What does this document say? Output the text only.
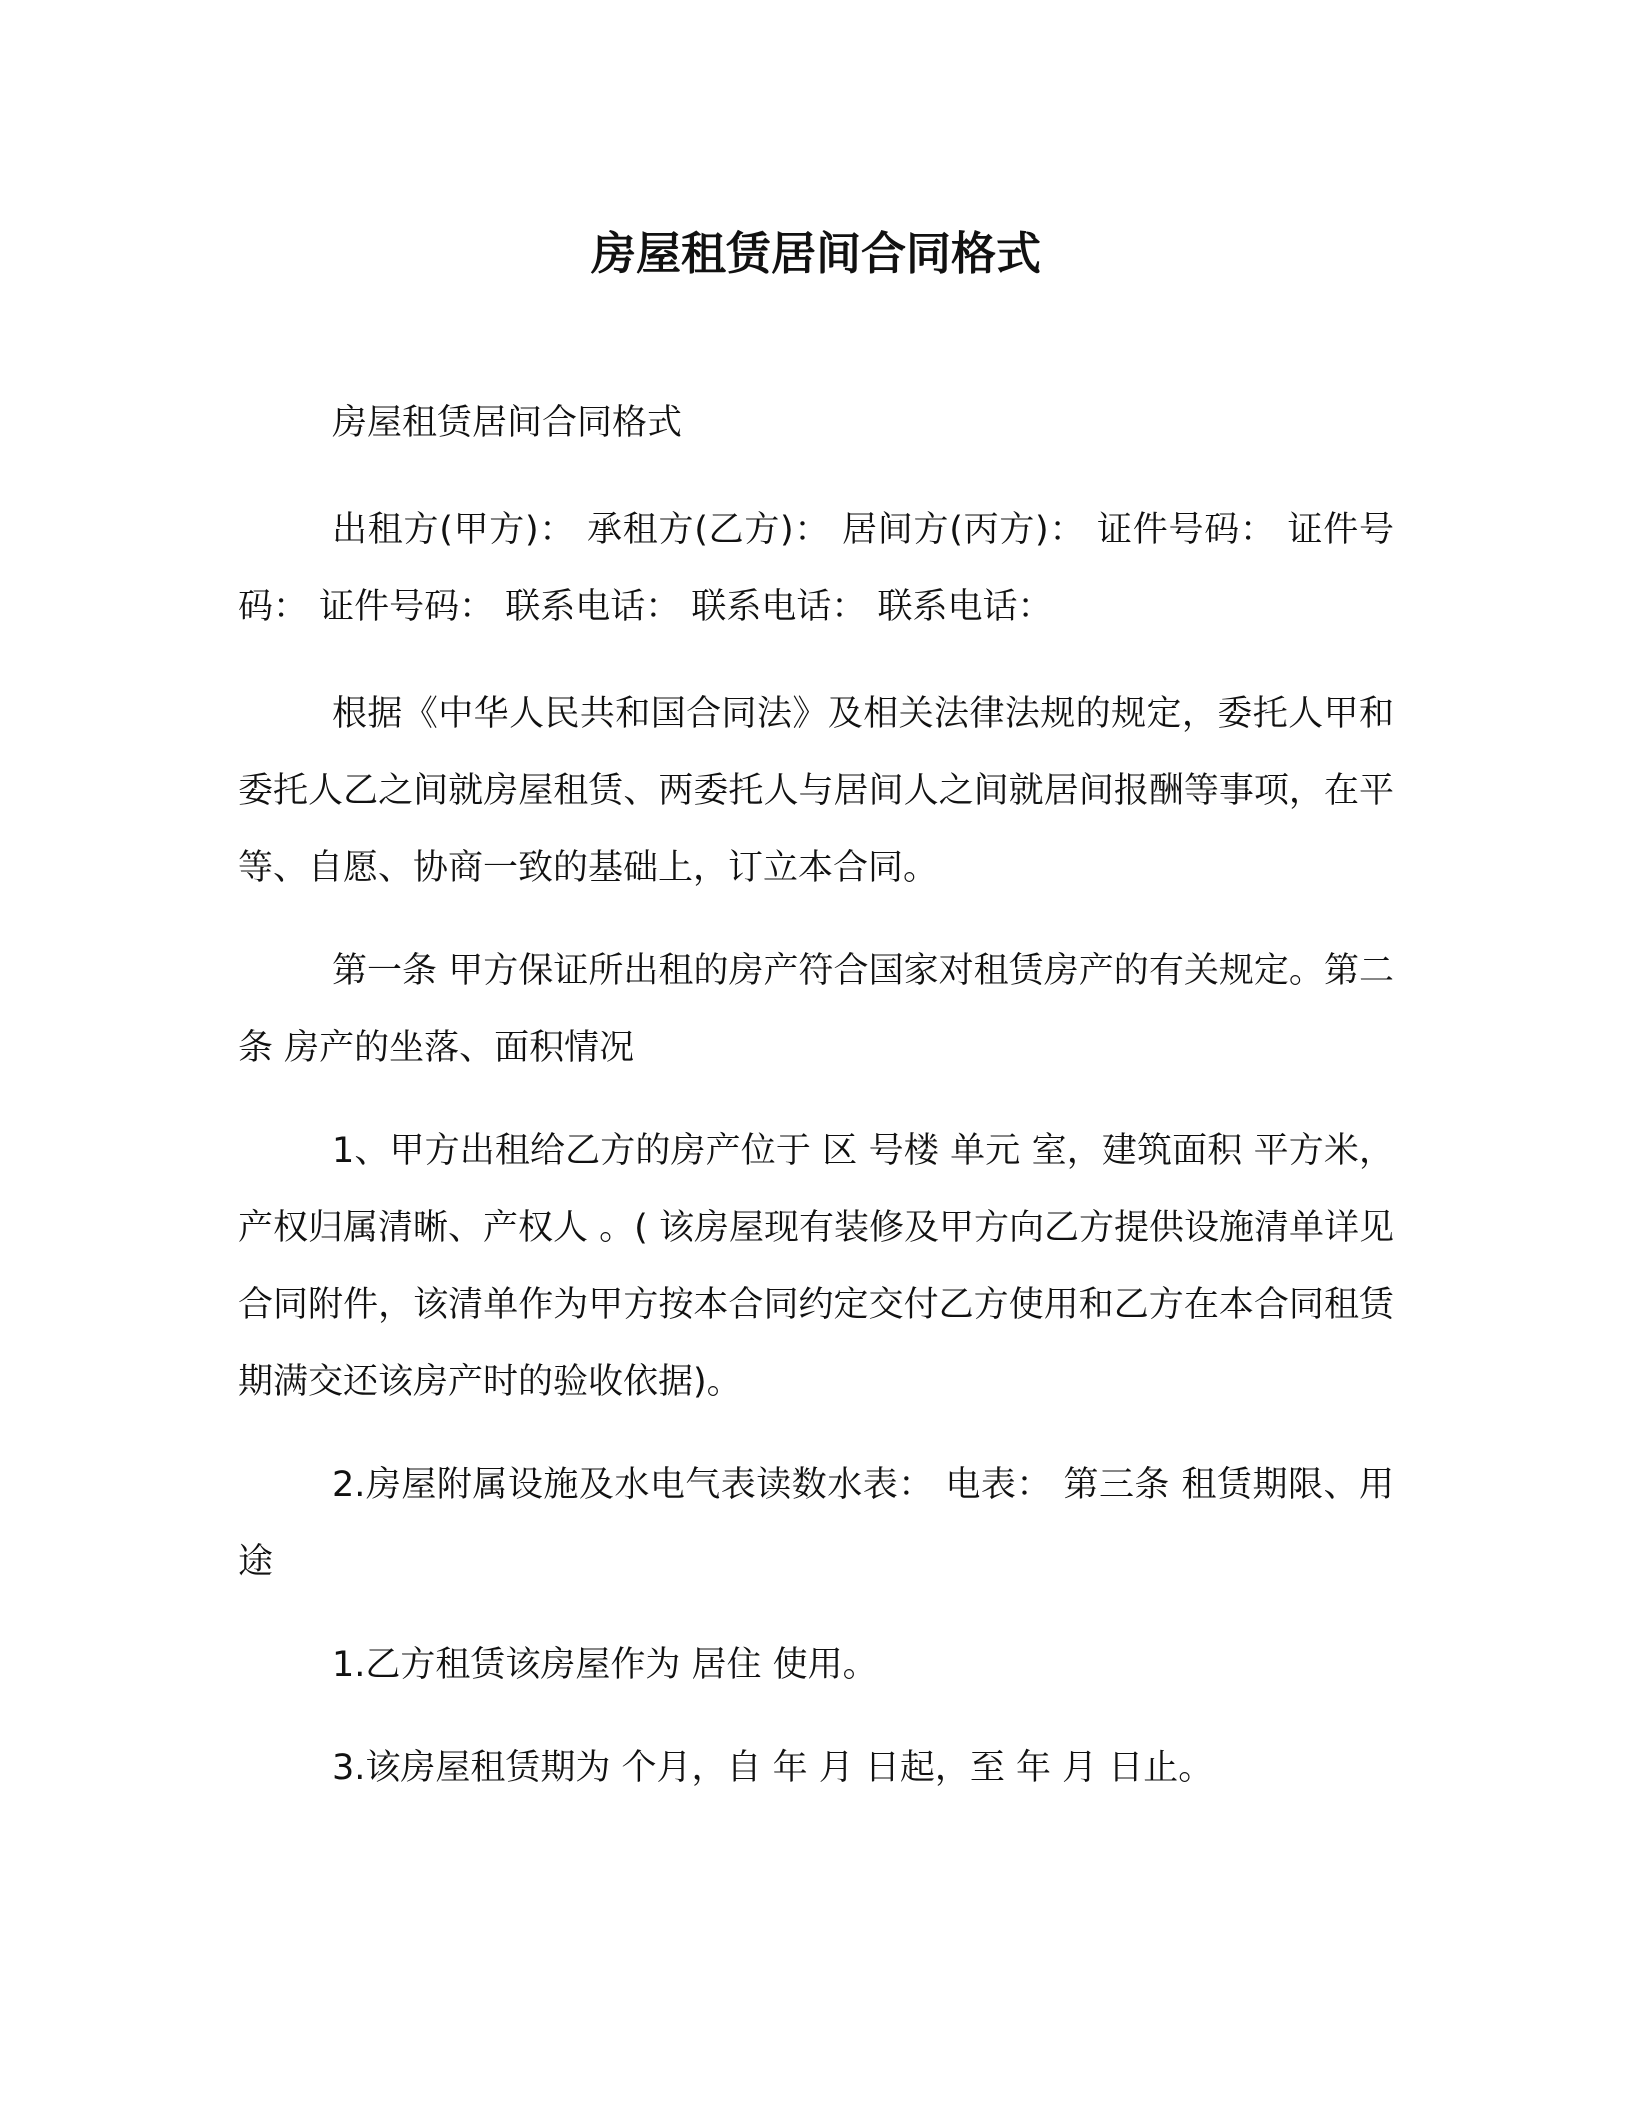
房屋租赁居间合同格式

房屋租赁居间合同格式

出租方(甲方)： 承租方(乙方)： 居间方(丙方)： 证件号码： 证件号码： 证件号码： 联系电话： 联系电话： 联系电话：

根据《中华人民共和国合同法》及相关法律法规的规定，委托人甲和委托人乙之间就房屋租赁、两委托人与居间人之间就居间报酬等事项，在平等、自愿、协商一致的基础上，订立本合同。

第一条 甲方保证所出租的房产符合国家对租赁房产的有关规定。第二条 房产的坐落、面积情况

1、甲方出租给乙方的房产位于 区 号楼 单元 室，建筑面积 平方米，产权归属清晰、产权人 。( 该房屋现有装修及甲方向乙方提供设施清单详见合同附件，该清单作为甲方按本合同约定交付乙方使用和乙方在本合同租赁期满交还该房产时的验收依据)。

2.房屋附属设施及水电气表读数水表： 电表： 第三条 租赁期限、用途

1.乙方租赁该房屋作为 居住 使用。

3.该房屋租赁期为 个月，自 年 月 日起，至 年 月 日止。
